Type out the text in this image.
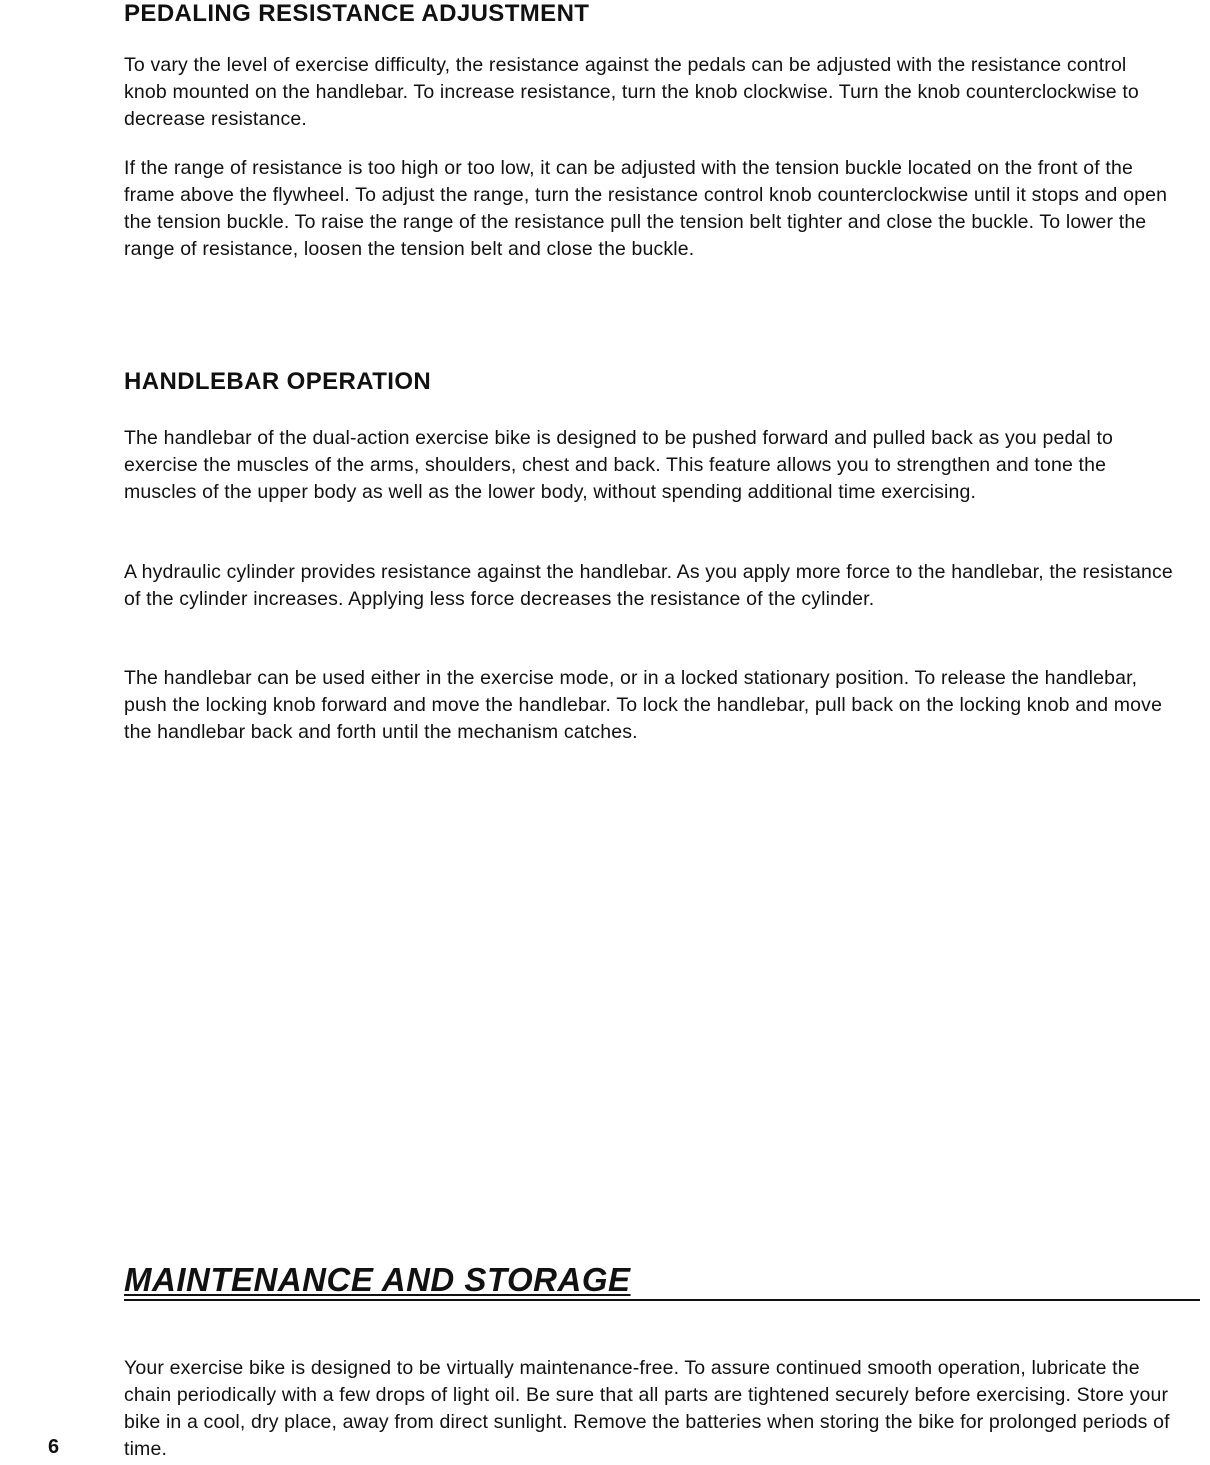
PEDALING RESISTANCE ADJUSTMENT

To vary the level of exercise difficulty, the resistance against the pedals can be adjusted with the resistance control knob mounted on the handlebar. To increase resistance, turn the knob clockwise. Turn the knob counterclockwise to decrease resistance.

If the range of resistance is too high or too low, it can be adjusted with the tension buckle located on the front of the frame above the flywheel. To adjust the range, turn the resistance control knob counterclockwise until it stops and open the tension buckle. To raise the range of the resistance pull the tension belt tighter and close the buckle. To lower the range of resistance, loosen the tension belt and close the buckle.

HANDLEBAR OPERATION

The handlebar of the dual-action exercise bike is designed to be pushed forward and pulled back as you pedal to exercise the muscles of the arms, shoulders, chest and back. This feature allows you to strengthen and tone the muscles of the upper body as well as the lower body, without spending additional time exercising.

A hydraulic cylinder provides resistance against the handlebar. As you apply more force to the handlebar, the resistance of the cylinder increases. Applying less force decreases the resistance of the cylinder.

The handlebar can be used either in the exercise mode, or in a locked stationary position. To release the handlebar, push the locking knob forward and move the handlebar. To lock the handlebar, pull back on the locking knob and move the handlebar back and forth until the mechanism catches.

MAINTENANCE AND STORAGE

Your exercise bike is designed to be virtually maintenance-free. To assure continued smooth operation, lubricate the chain periodically with a few drops of light oil. Be sure that all parts are tightened securely before exercising. Store your bike in a cool, dry place, away from direct sunlight. Remove the batteries when storing the bike for prolonged periods of time.

6
